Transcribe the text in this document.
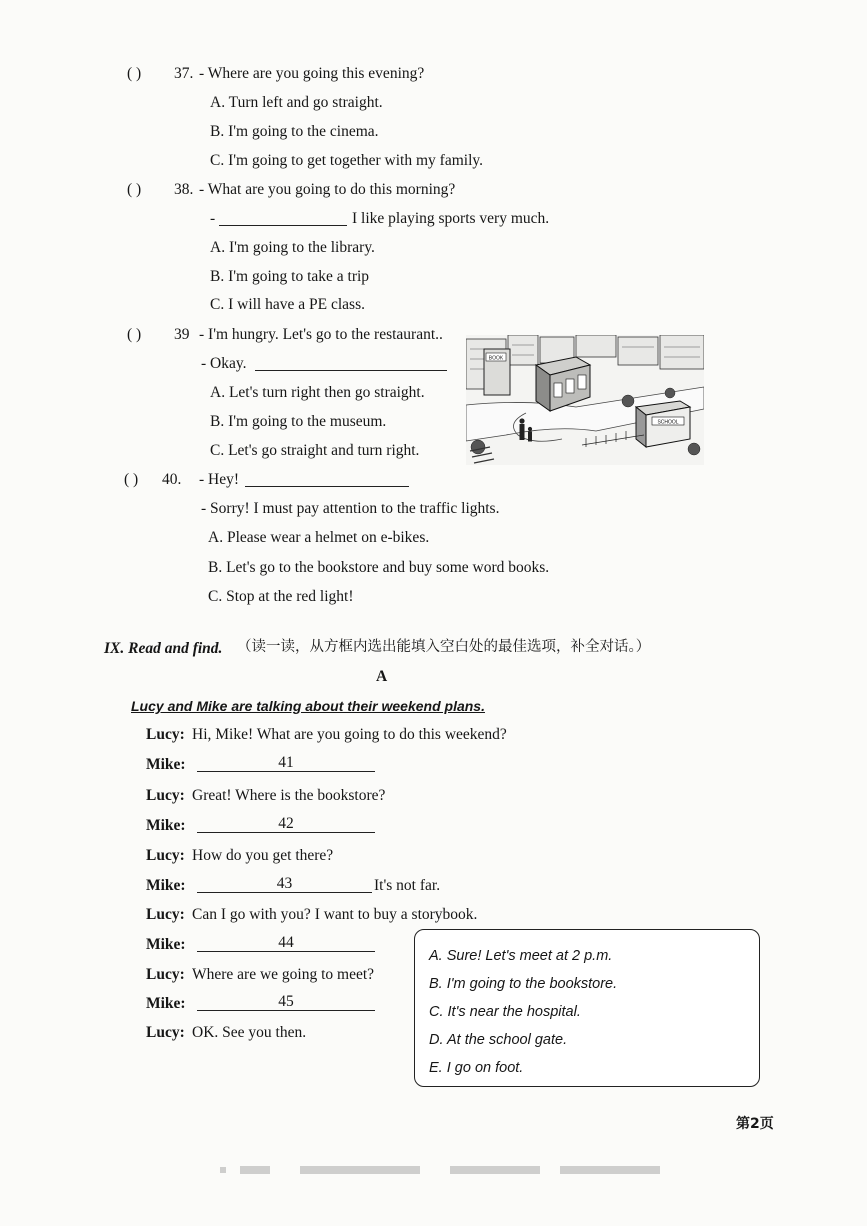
( ) 37. - Where are you going this evening?
A. Turn left and go straight.
B. I'm going to the cinema.
C. I'm going to get together with my family.
( ) 38. - What are you going to do this morning?
-	I like playing sports very much.
A. I'm going to the library.
B. I'm going to take a trip
C. I will have a PE class.
( ) 39 - I'm hungry. Let's go to the restaurant..
- Okay.
A. Let's turn right then go straight.
B. I'm going to the museum.
C. Let's go straight and turn right.
BOOK
SCHOOL
( ) 40. - Hey!
- Sorry! I must pay attention to the traffic lights.
A. Please wear a helmet on e-bikes.
B. Let's go to the bookstore and buy some word books.
C. Stop at the red light!
IX. Read and find. （读一读，从方框内选出能填入空白处的最佳选项，补全对话。）
A
Lucy and Mike are talking about their weekend plans.
Lucy: Hi, Mike! What are you going to do this weekend?
Mike:	41
Lucy: Great! Where is the bookstore?
Mike:	42
Lucy: How do you get there?
Mike:	43	It's not far.
Lucy: Can I go with you? I want to buy a storybook.
Mike:	44
Lucy: Where are we going to meet?
Mike:	45
Lucy: OK. See you then.
A. Sure! Let's meet at 2 p.m.
B. I'm going to the bookstore.
C. It's near the hospital.
D. At the school gate.
E. I go on foot.
第2页
